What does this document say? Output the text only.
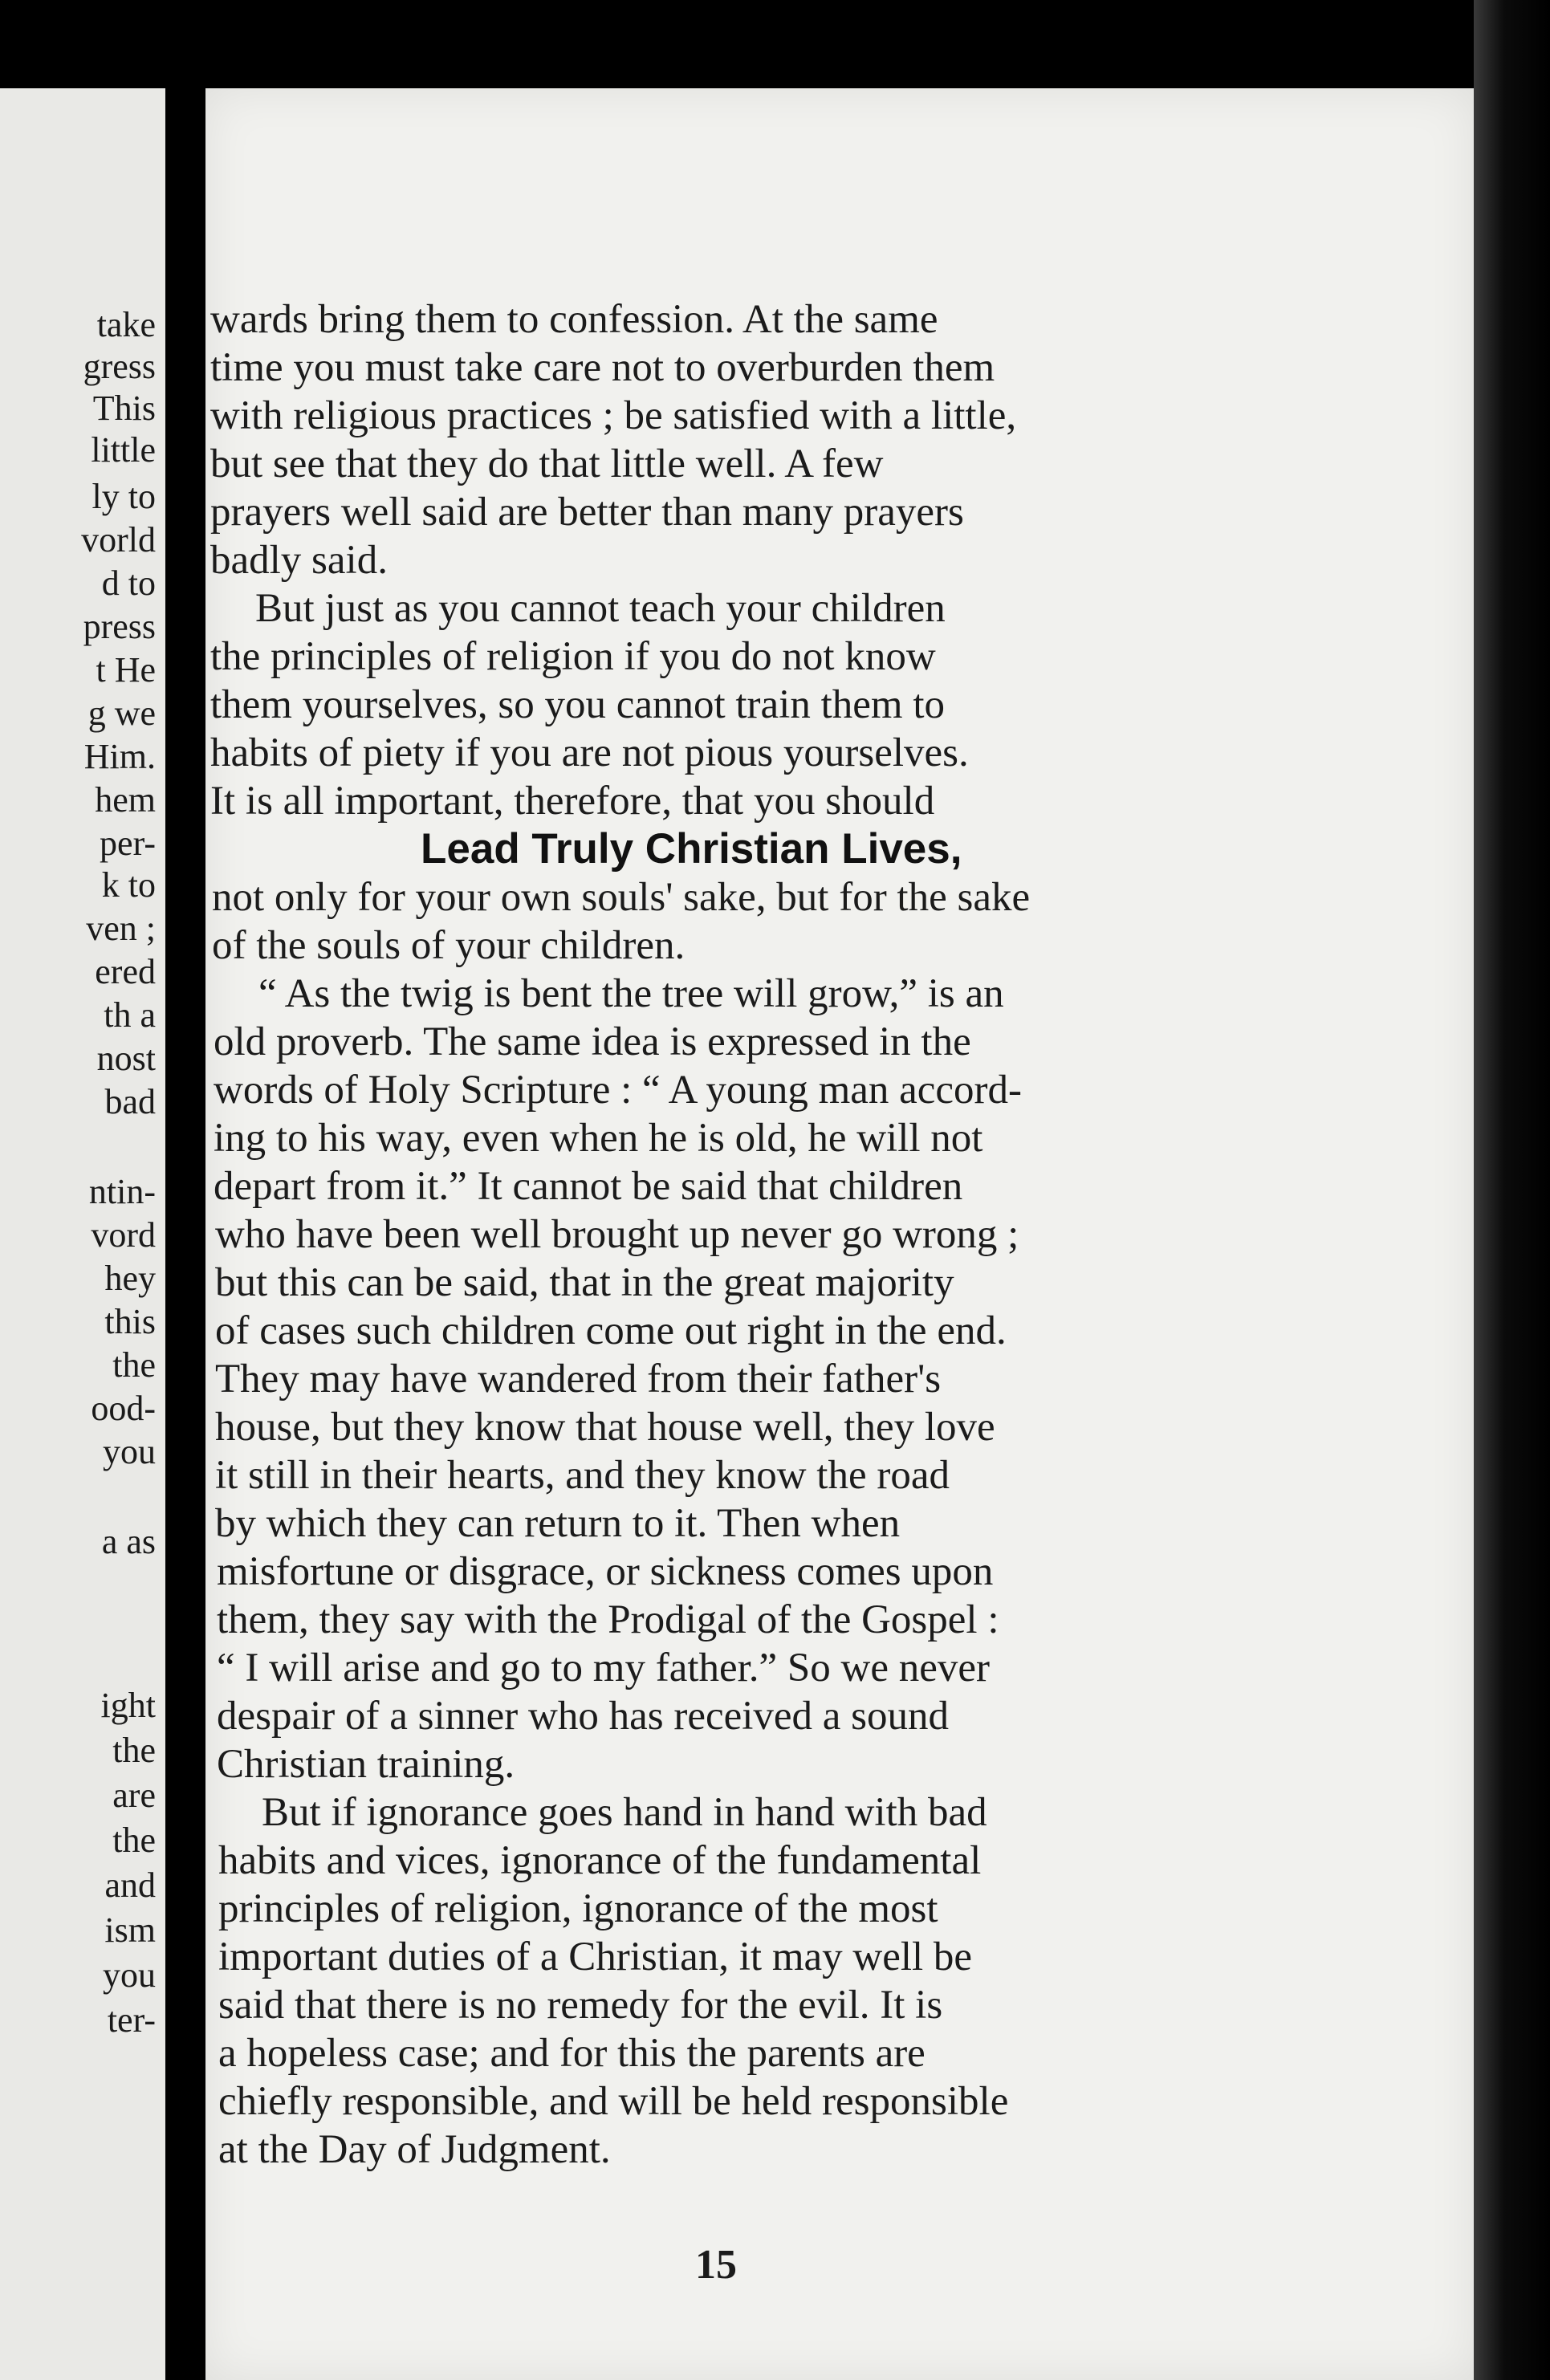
take

gress

This

little

ly to

vorld

d to

press

t He

g we

Him.

hem

per-

k to

ven ;

ered

th a

nost

bad

ntin-

vord

hey

this

the

ood-

you

a as

ight

the

are

the

and

ism

you

ter-

wards bring them to confession. At the same

time you must take care not to overburden them

with religious practices ; be satisfied with a little,

but see that they do that little well. A few

prayers well said are better than many prayers

badly said.

But just as you cannot teach your children

the principles of religion if you do not know

them yourselves, so you cannot train them to

habits of piety if you are not pious yourselves.

It is all important, therefore, that you should

Lead Truly Christian Lives,

not only for your own souls' sake, but for the sake

of the souls of your children.

“ As the twig is bent the tree will grow,” is an

old proverb. The same idea is expressed in the

words of Holy Scripture : “ A young man accord-

ing to his way, even when he is old, he will not

depart from it.” It cannot be said that children

who have been well brought up never go wrong ;

but this can be said, that in the great majority

of cases such children come out right in the end.

They may have wandered from their father's

house, but they know that house well, they love

it still in their hearts, and they know the road

by which they can return to it. Then when

misfortune or disgrace, or sickness comes upon

them, they say with the Prodigal of the Gospel :

“ I will arise and go to my father.” So we never

despair of a sinner who has received a sound

Christian training.

But if ignorance goes hand in hand with bad

habits and vices, ignorance of the fundamental

principles of religion, ignorance of the most

important duties of a Christian, it may well be

said that there is no remedy for the evil. It is

a hopeless case; and for this the parents are

chiefly responsible, and will be held responsible

at the Day of Judgment.

15
